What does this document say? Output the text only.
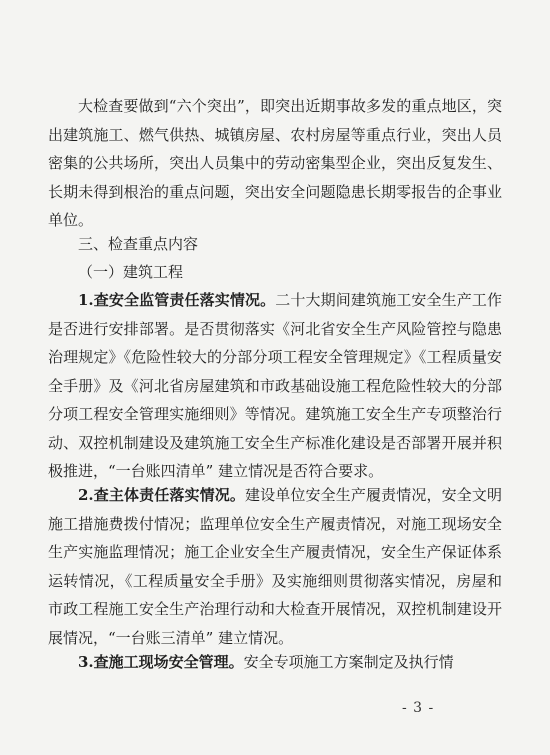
大检查要做到“六个突出”，即突出近期事故多发的重点地区，突出建筑施工、燃气供热、城镇房屋、农村房屋等重点行业，突出人员密集的公共场所，突出人员集中的劳动密集型企业，突出反复发生、长期未得到根治的重点问题，突出安全问题隐患长期零报告的企事业单位。
三、检查重点内容
（一）建筑工程
1.查安全监管责任落实情况。二十大期间建筑施工安全生产工作是否进行安排部署。是否贯彻落实《河北省安全生产风险管控与隐患治理规定》《危险性较大的分部分项工程安全管理规定》《工程质量安全手册》及《河北省房屋建筑和市政基础设施工程危险性较大的分部分项工程安全管理实施细则》等情况。建筑施工安全生产专项整治行动、双控机制建设及建筑施工安全生产标准化建设是否部署开展并积极推进，“一台账四清单” 建立情况是否符合要求。
2.查主体责任落实情况。建设单位安全生产履责情况，安全文明施工措施费拨付情况；监理单位安全生产履责情况，对施工现场安全生产实施监理情况；施工企业安全生产履责情况，安全生产保证体系运转情况，《工程质量安全手册》及实施细则贯彻落实情况，房屋和市政工程施工安全生产治理行动和大检查开展情况，双控机制建设开展情况，“一台账三清单” 建立情况。
3.查施工现场安全管理。安全专项施工方案制定及执行情
- 3 -
